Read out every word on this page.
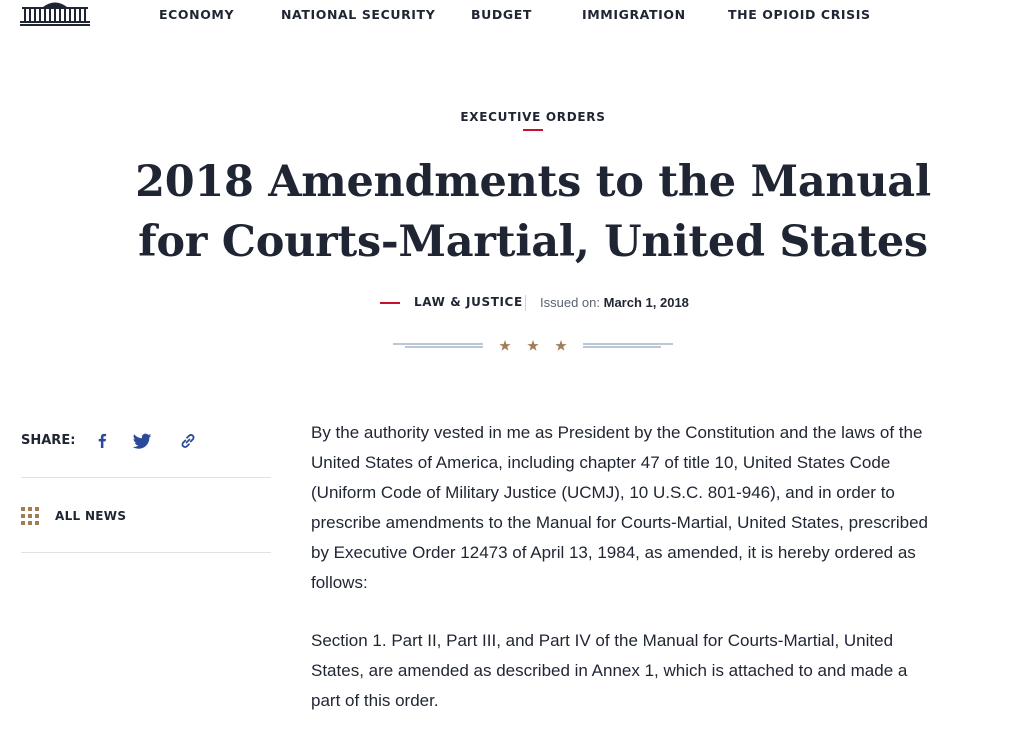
ECONOMY	NATIONAL SECURITY	BUDGET	IMMIGRATION	THE OPIOID CRISIS
EXECUTIVE ORDERS
2018 Amendments to the Manual for Courts-Martial, United States
LAW & JUSTICE Issued on: March 1, 2018
SHARE:
ALL NEWS

By the authority vested in me as President by the Constitution and the laws of the United States of America, including chapter 47 of title 10, United States Code (Uniform Code of Military Justice (UCMJ), 10 U.S.C. 801-946), and in order to prescribe amendments to the Manual for Courts-Martial, United States, prescribed by Executive Order 12473 of April 13, 1984, as amended, it is hereby ordered as follows:

Section 1. Part II, Part III, and Part IV of the Manual for Courts-Martial, United States, are amended as described in Annex 1, which is attached to and made a part of this order.
